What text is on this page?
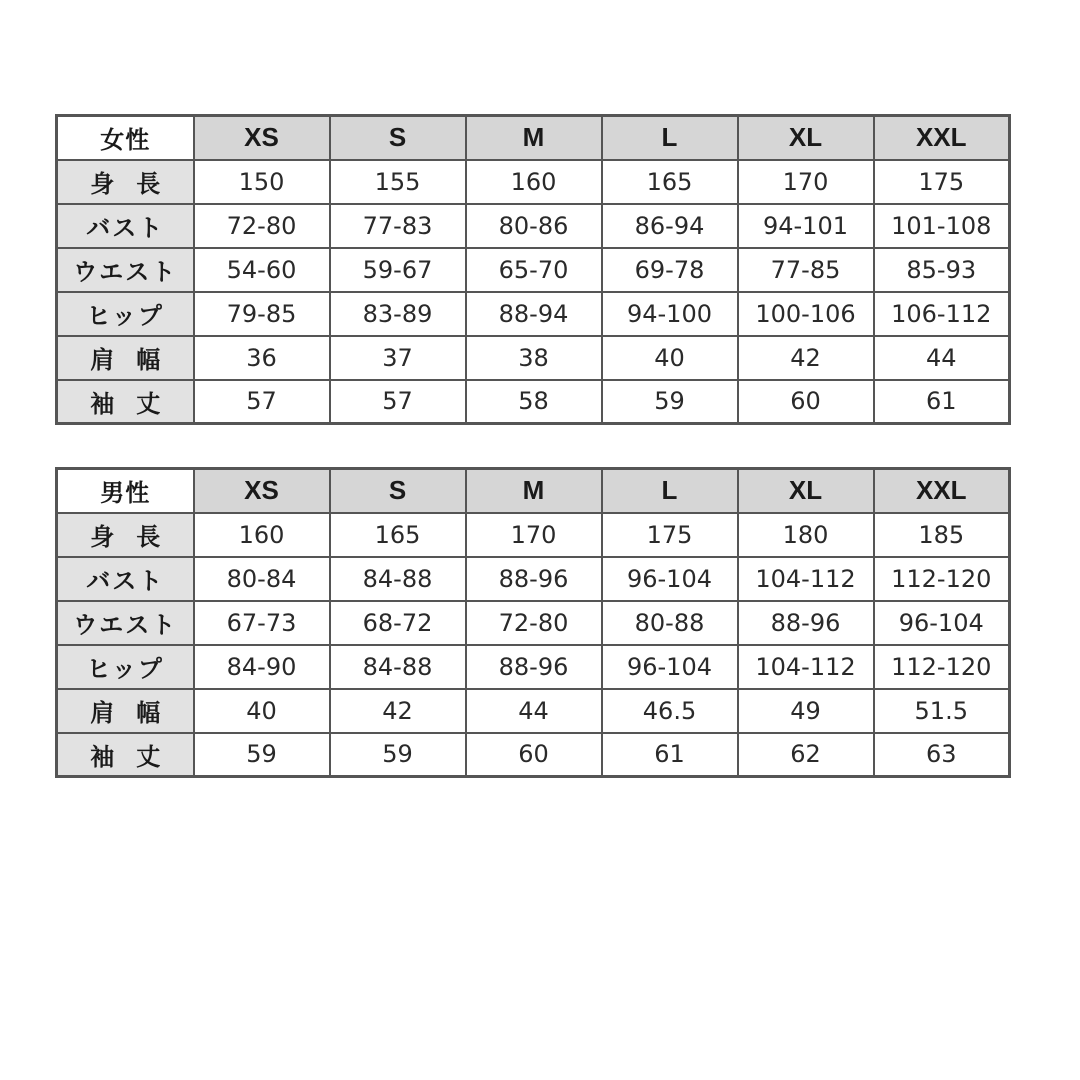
女性	XS	S	M	L	XL	XXL
身長	150	155	160	165	170	175
バスト	72-80	77-83	80-86	86-94	94-101	101-108
ウエスト	54-60	59-67	65-70	69-78	77-85	85-93
ヒップ	79-85	83-89	88-94	94-100	100-106	106-112
肩幅	36	37	38	40	42	44
袖丈	57	57	58	59	60	61
男性	XS	S	M	L	XL	XXL
身長	160	165	170	175	180	185
バスト	80-84	84-88	88-96	96-104	104-112	112-120
ウエスト	67-73	68-72	72-80	80-88	88-96	96-104
ヒップ	84-90	84-88	88-96	96-104	104-112	112-120
肩幅	40	42	44	46.5	49	51.5
袖丈	59	59	60	61	62	63
